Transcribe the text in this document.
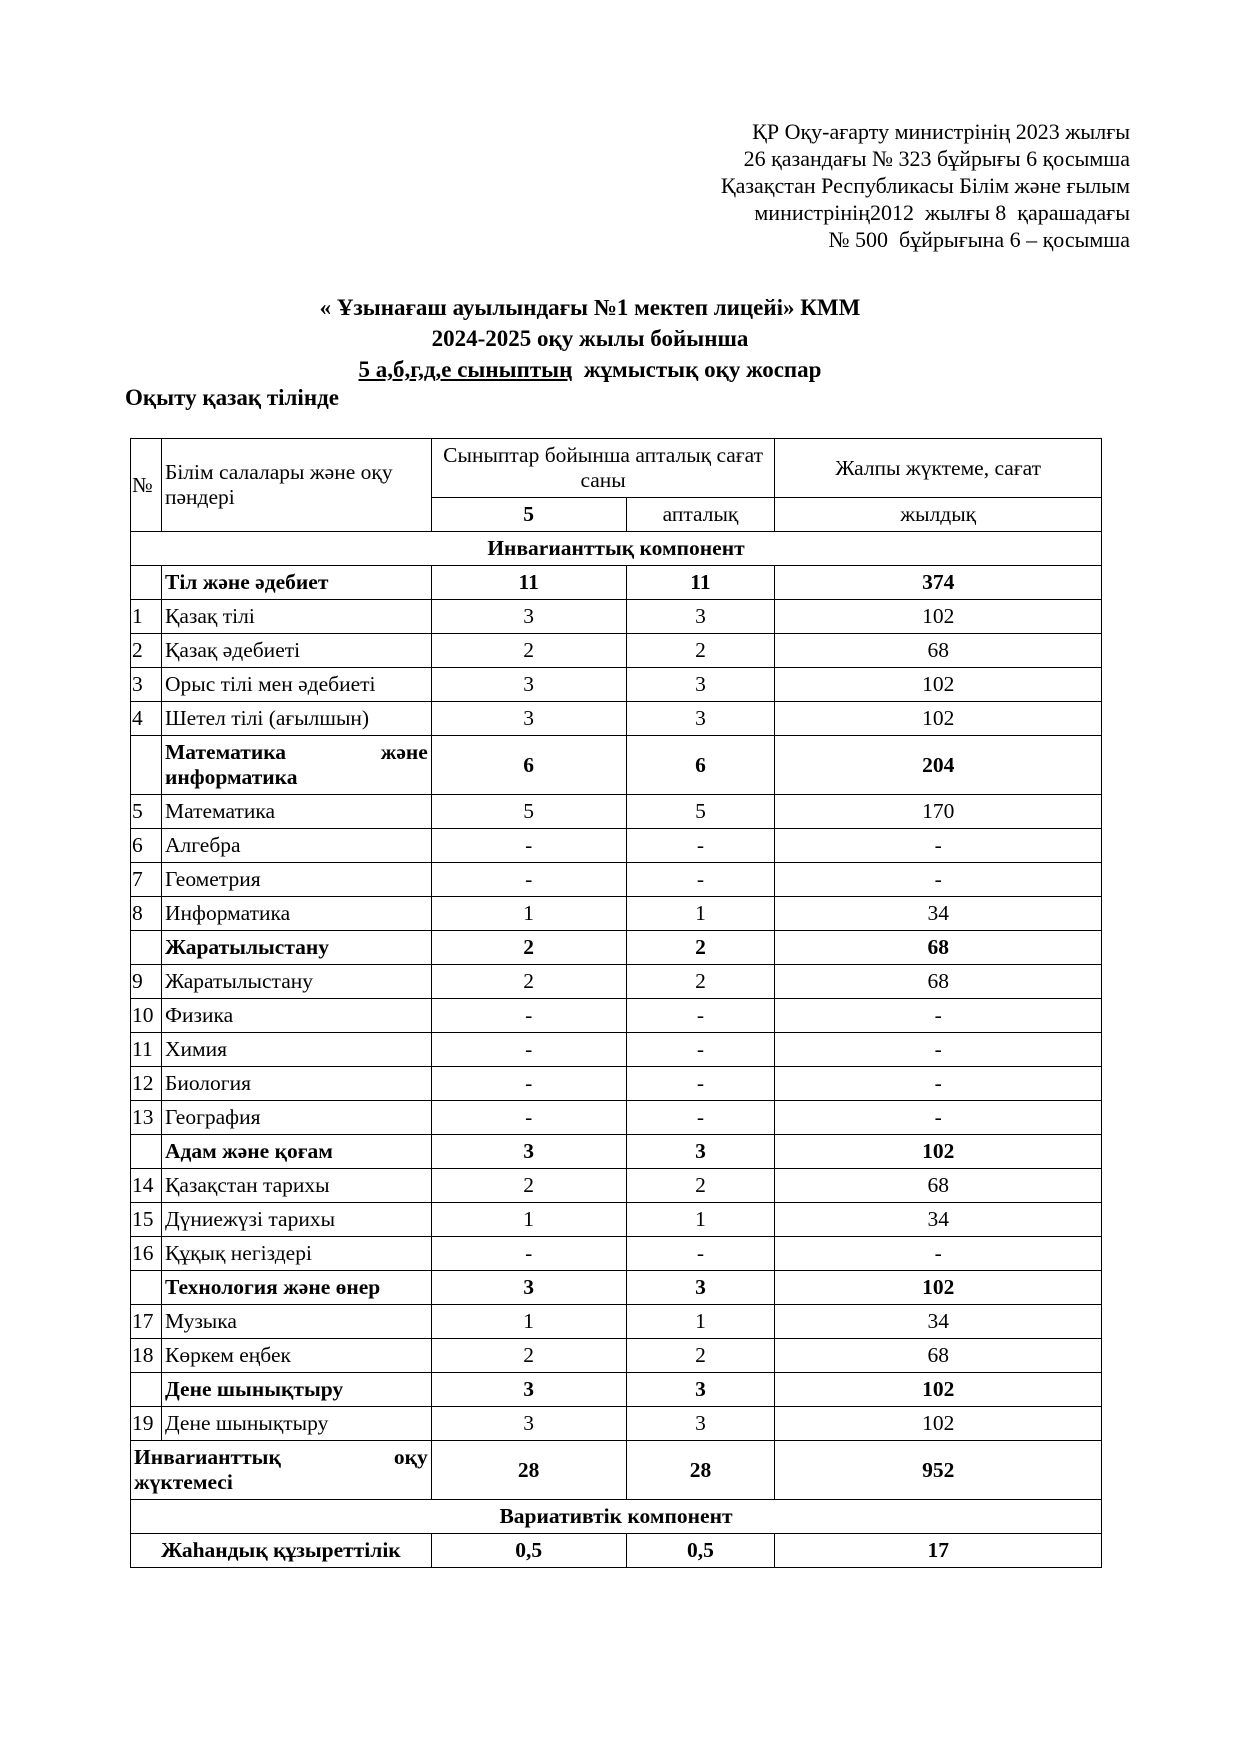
ҚР Оқу-ағарту министрінің 2023 жылғы
26 қазандағы № 323 бұйрығы 6 қосымша
Қазақстан Республикасы Білім және ғылым
министрінің2012  жылғы 8  қарашадағы
№ 500  бұйрығына 6 – қосымша
« Ұзынағаш ауылындағы №1 мектеп лицейі» КММ
2024-2025 оқу жылы бойынша
5 а,б,г,д,е сыныптың  жұмыстық оқу жоспар
Оқыту қазақ тілінде
№	Білім салалары және оқу пәндері	Сыныптар бойынша апталық сағат саны		Жалпы жүктеме, сағат
		5	апталық	жылдық
Инвarианттық компонент				
	Тіл және әдебиет	11	11	374
1	Қазақ тілі	3	3	102
2	Қазақ әдебиеті	2	2	68
3	Орыс тілі мен әдебиеті	3	3	102
4	Шетел тілі (ағылшын)	3	3	102

	Математика және
информатика	6	6	204
5	Математика	5	5	170
6	Алгебра	-	-	-
7	Геометрия	-	-	-
8	Информатика	1	1	34
	Жаратылыстану	2	2	68
9	Жаратылыстану	2	2	68
10	Физика	-	-	-
11	Химия	-	-	-
12	Биология	-	-	-
13	География	-	-	-
	Адам және қоғам	3	3	102
14	Қазақстан тарихы	2	2	68
15	Дүниежүзі тарихы	1	1	34
16	Құқық негіздері	-	-	-
	Технология және өнер	3	3	102
17	Музыка	1	1	34
18	Көркем еңбек	2	2	68
	Дене шынықтыру	3	3	102
19	Дене шынықтыру	3	3	102

Инвarианттық оқу
жүктемесі		28	28	952
Вариативтік компонент				
Жаһандық құзыреттілік		0,5	0,5	17
